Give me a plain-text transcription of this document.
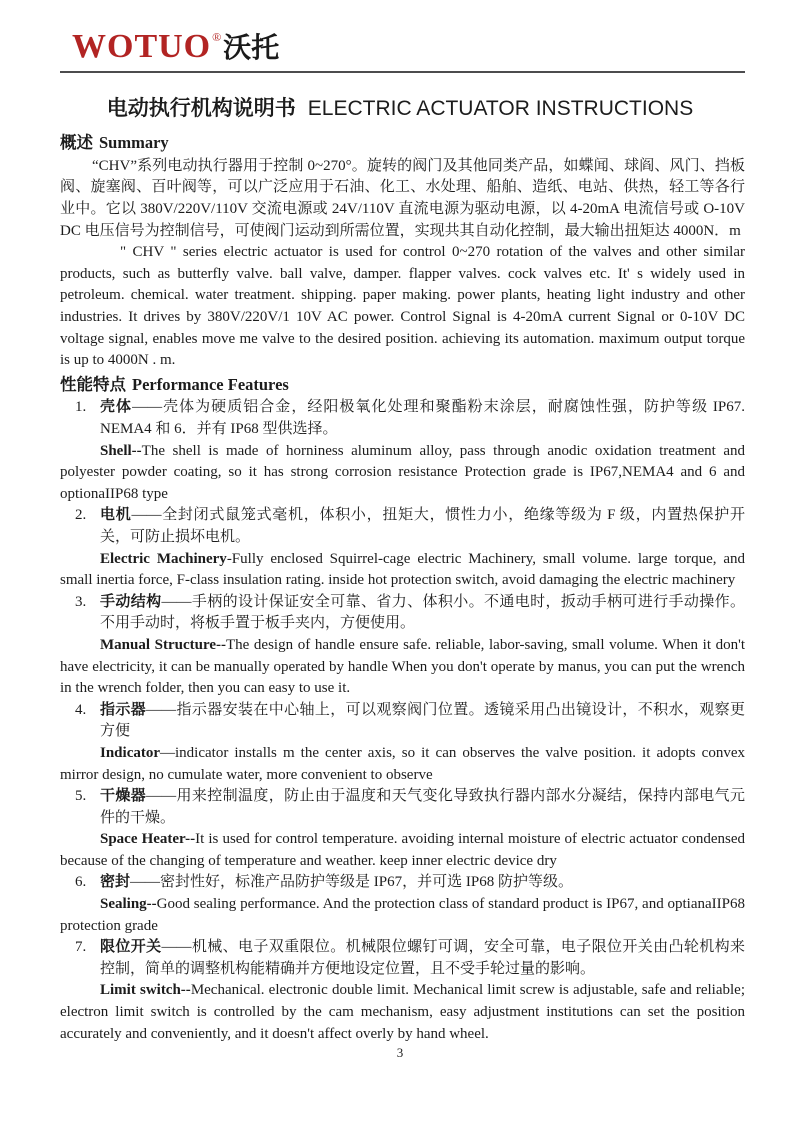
WOTUO®沃托
电动执行机构说明书 ELECTRIC ACTUATOR INSTRUCTIONS
概述 Summary

“CHV”系列电动执行器用于控制 0~270°。旋转的阀门及其他同类产品，如蝶闻、球阎、风门、挡板阀、旋塞阀、百叶阀等，可以广泛应用于石油、化工、水处理、船舶、造纸、电站、供热，轻工等各行业中。它以 380V/220V/110V 交流电源或 24V/110V 直流电源为驱动电源，以 4-20mA 电流信号或 O-10V DC 电压信号为控制信号，可使阀门运动到所需位置，实现共其自动化控制，最大输出扭矩达 4000N．m

" CHV " series electric actuator is used for control 0~270 rotation of the valves and other similar products, such as butterfly valve. ball valve, damper. flapper valves. cock valves etc. It' s widely used in petroleum. chemical. water treatment. shipping. paper making. power plants, heating light industry and other industries. It drives by 380V/220V/1 10V AC power. Control Signal is 4-20mA current Signal or 0-10V DC voltage signal, enables move me valve to the desired position. achieving its automation. maximum output torque is up to 4000N . m.

性能特点 Performance Features
1. 壳体——壳体为硬质铝合金，经阳极氧化处理和聚酯粉末涂层，耐腐蚀性强，防护等级 IP67. NEMA4 和 6．并有 IP68 型供选择。

Shell--The shell is made of horniness aluminum alloy, pass through anodic oxidation treatment and polyester powder coating, so it has strong corrosion resistance Protection grade is IP67,NEMA4 and 6 and optionaIIP68 type

2. 电机——全封闭式鼠笼式毫机，体积小，扭矩大，惯性力小，绝缘等级为 F 级，内置热保护开关，可防止损坏电机。

Electric Machinery-Fully enclosed Squirrel-cage electric Machinery, small volume. large torque, and small inertia force, F-class insulation rating. inside hot protection switch, avoid damaging the electric machinery

3. 手动结构——手柄的设计保证安全可靠、省力、体积小。不通电时，扳动手柄可进行手动操作。不用手动时，将板手置于板手夹内，方便使用。

Manual Structure--The design of handle ensure safe. reliable, labor-saving, small volume. When it don't have electricity, it can be manually operated by handle When you don't operate by manus, you can put the wrench in the wrench folder, then you can easy to use it.

4. 指示器——指示器安装在中心轴上，可以观察阀门位置。透镜采用凸出镜设计，不积水，观察更方便

Indicator—indicator installs m the center axis, so it can observes the valve position. it adopts convex mirror design, no cumulate water, more convenient to observe

5. 干燥器——用来控制温度，防止由于温度和天气变化导致执行器内部水分凝结，保持内部电气元件的干燥。

Space Heater--It is used for control temperature. avoiding internal moisture of electric actuator condensed because of the changing of temperature and weather. keep inner electric device dry

6. 密封——密封性好，标准产品防护等级是 IP67，并可选 IP68 防护等级。

Sealing--Good sealing performance. And the protection class of standard product is IP67, and optianaIIP68 protection grade

7. 限位开关——机械、电子双重限位。机械限位螺钉可调，安全可靠，电子限位开关由凸轮机构来控制，简单的调整机构能精确并方便地设定位置，且不受手轮过量的影响。

Limit switch--Mechanical. electronic double limit. Mechanical limit screw is adjustable, safe and reliable; electron limit switch is controlled by the cam mechanism, easy adjustment institutions can set the position accurately and conveniently, and it doesn't affect overly by hand wheel.

3
